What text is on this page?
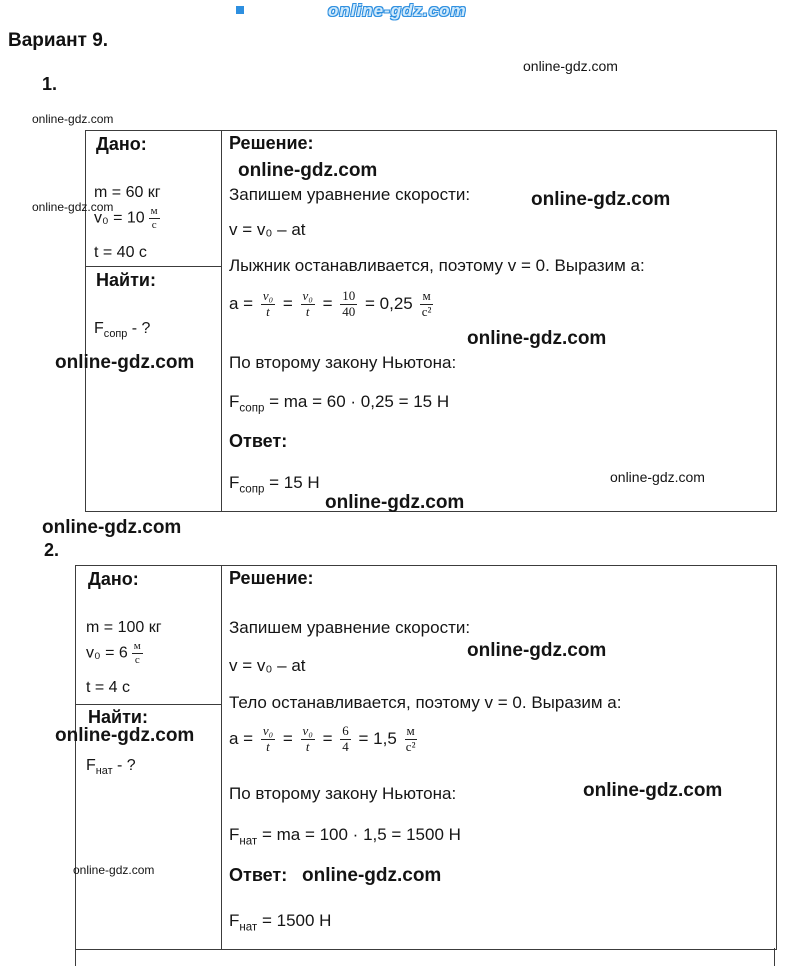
online-gdz.com
online-gdz.com
online-gdz.com
online-gdz.com
online-gdz.com
online-gdz.com
online-gdz.com
online-gdz.com
online-gdz.com
online-gdz.com
online-gdz.com
online-gdz.com
online-gdz.com
online-gdz.com
online-gdz.com	online-gdz.com
Вариант 9.
1.
2.
Дано:
m = 60 кг
$v_0 = 10 \frac{м}{с}$
t = 40 с
Найти:
$F_{сопр}$ - ?
Решение:
Запишем уравнение скорости:
v = v₀ – at
Лыжник останавливается, поэтому v = 0. Выразим a:
$a = \frac{\text{v₀}}{t} = \frac{\text{v₀}}{t} = \frac{10}{40} = 0,25 \frac{м}{\text{с²}}$
По второму закону Ньютона:
$F_{сопр}$ = ma = 60 · 0,25 = 15 Н
Ответ:
$F_{сопр} = 15$ Н
Дано:
m = 100 кг
$v_0 = 6 \frac{м}{с}$
t = 4 с
Найти:
$F_{нат}$ - ?
Решение:
Запишем уравнение скорости:
v = v₀ – at
Тело останавливается, поэтому v = 0. Выразим a:
$a = \frac{\text{v₀}}{t} = \frac{\text{v₀}}{t} = \frac{6}{4} = 1,5 \frac{м}{\text{с²}}$
По второму закону Ньютона:
$F_{нат}$ = ma = 100 · 1,5 = 1500 Н
Ответ:
$F_{нат} = 1500$ Н
